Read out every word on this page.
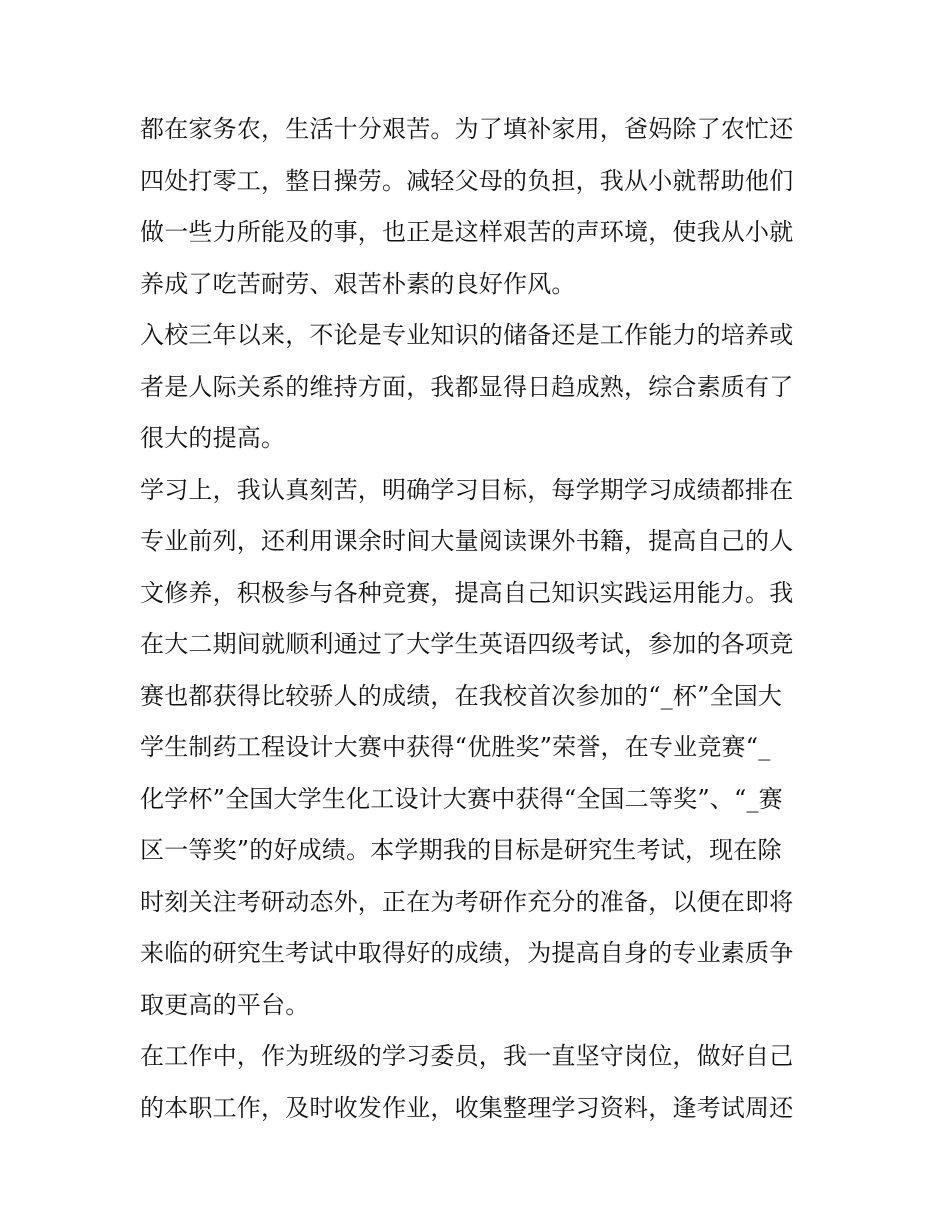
都在家务农，生活十分艰苦。为了填补家用，爸妈除了农忙还
四处打零工，整日操劳。减轻父母的负担，我从小就帮助他们
做一些力所能及的事，也正是这样艰苦的声环境，使我从小就
养成了吃苦耐劳、艰苦朴素的良好作风。
入校三年以来，不论是专业知识的储备还是工作能力的培养或
者是人际关系的维持方面，我都显得日趋成熟，综合素质有了
很大的提高。
学习上，我认真刻苦，明确学习目标，每学期学习成绩都排在
专业前列，还利用课余时间大量阅读课外书籍，提高自己的人
文修养，积极参与各种竞赛，提高自己知识实践运用能力。我
在大二期间就顺利通过了大学生英语四级考试，参加的各项竞
赛也都获得比较骄人的成绩，在我校首次参加的“_杯”全国大
学生制药工程设计大赛中获得“优胜奖”荣誉，在专业竞赛“_
化学杯”全国大学生化工设计大赛中获得“全国二等奖”、“_赛
区一等奖”的好成绩。本学期我的目标是研究生考试，现在除
时刻关注考研动态外，正在为考研作充分的准备，以便在即将
来临的研究生考试中取得好的成绩，为提高自身的专业素质争
取更高的平台。
在工作中，作为班级的学习委员，我一直坚守岗位，做好自己
的本职工作，及时收发作业，收集整理学习资料，逢考试周还
